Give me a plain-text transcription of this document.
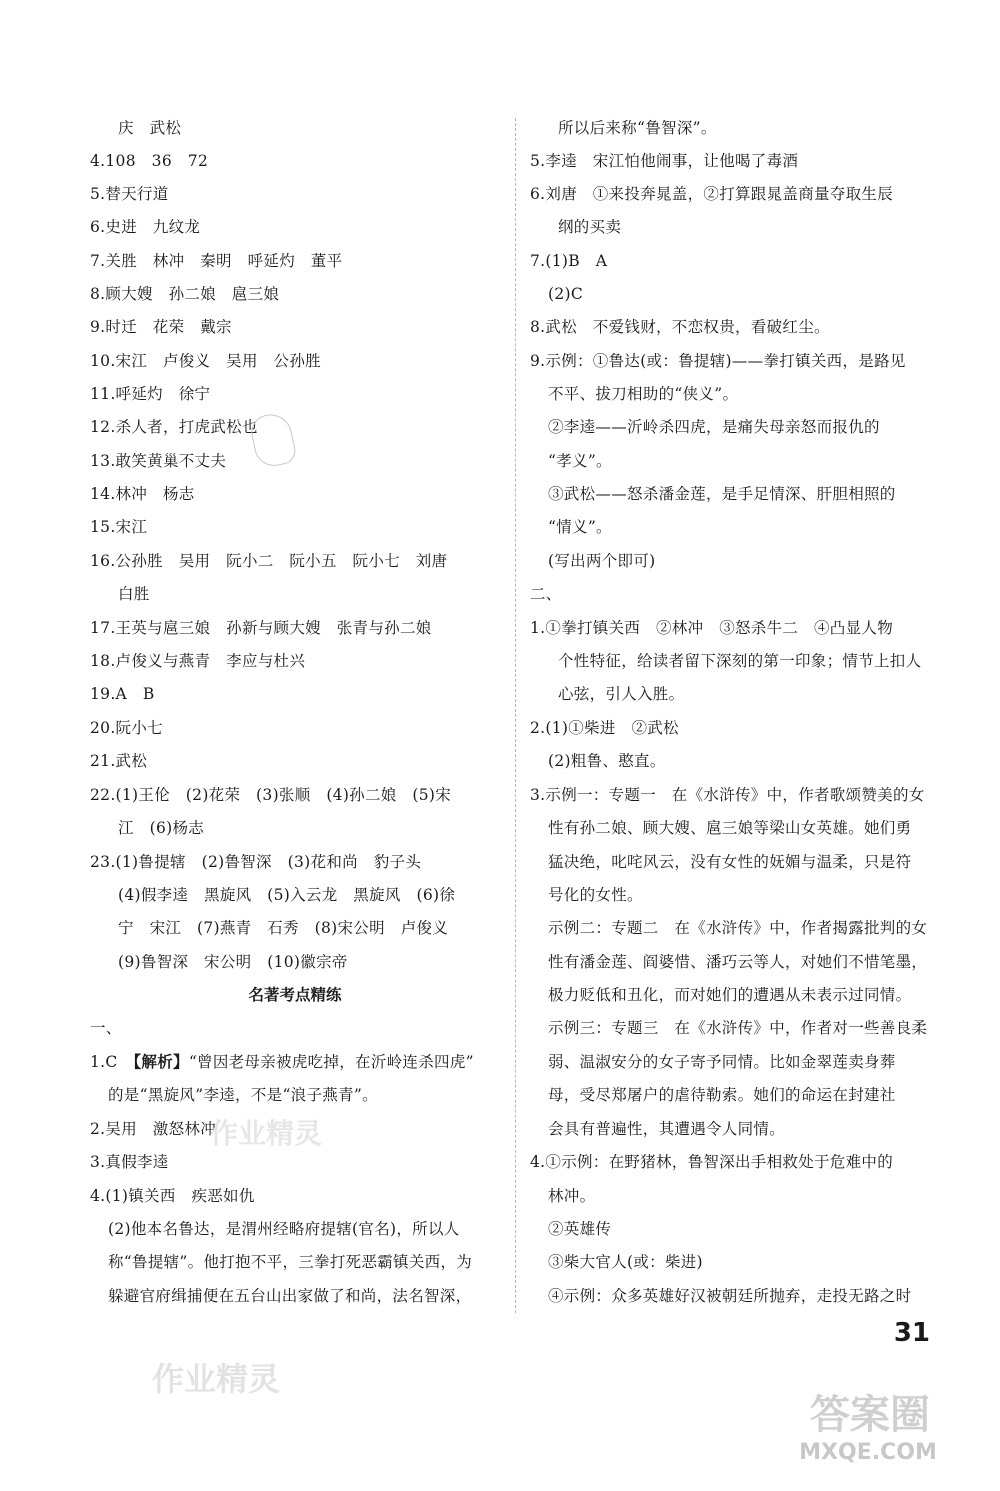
庆　武松
4.108　36　72
5.替天行道
6.史进　九纹龙
7.关胜　林冲　秦明　呼延灼　董平
8.顾大嫂　孙二娘　扈三娘
9.时迁　花荣　戴宗
10.宋江　卢俊义　吴用　公孙胜
11.呼延灼　徐宁
12.杀人者，打虎武松也
13.敢笑黄巢不丈夫
14.林冲　杨志
15.宋江
16.公孙胜　吴用　阮小二　阮小五　阮小七　刘唐
白胜
17.王英与扈三娘　孙新与顾大嫂　张青与孙二娘
18.卢俊义与燕青　李应与杜兴
19.A　B
20.阮小七
21.武松
22.(1)王伦　(2)花荣　(3)张顺　(4)孙二娘　(5)宋
江　(6)杨志
23.(1)鲁提辖　(2)鲁智深　(3)花和尚　豹子头
(4)假李逵　黑旋风　(5)入云龙　黑旋风　(6)徐
宁　宋江　(7)燕青　石秀　(8)宋公明　卢俊义
(9)鲁智深　宋公明　(10)徽宗帝
名著考点精练
一、
1.C　【解析】“曾因老母亲被虎吃掉，在沂岭连杀四虎”
的是“黑旋风”李逵，不是“浪子燕青”。
2.吴用　激怒林冲
3.真假李逵
4.(1)镇关西　疾恶如仇
(2)他本名鲁达，是渭州经略府提辖(官名)，所以人
称“鲁提辖”。他打抱不平，三拳打死恶霸镇关西，为
躲避官府缉捕便在五台山出家做了和尚，法名智深，
所以后来称“鲁智深”。
5.李逵　宋江怕他闹事，让他喝了毒酒
6.刘唐　①来投奔晁盖，②打算跟晁盖商量夺取生辰
纲的买卖
7.(1)B　A
(2)C
8.武松　不爱钱财，不恋权贵，看破红尘。
9.示例：①鲁达(或：鲁提辖)——拳打镇关西，是路见
不平、拔刀相助的“侠义”。
②李逵——沂岭杀四虎，是痛失母亲怒而报仇的
“孝义”。
③武松——怒杀潘金莲，是手足情深、肝胆相照的
“情义”。
(写出两个即可)
二、
1.①拳打镇关西　②林冲　③怒杀牛二　④凸显人物
个性特征，给读者留下深刻的第一印象；情节上扣人
心弦，引人入胜。
2.(1)①柴进　②武松
(2)粗鲁、憨直。
3.示例一：专题一　在《水浒传》中，作者歌颂赞美的女
性有孙二娘、顾大嫂、扈三娘等梁山女英雄。她们勇
猛决绝，叱咤风云，没有女性的妩媚与温柔，只是符
号化的女性。
示例二：专题二　在《水浒传》中，作者揭露批判的女
性有潘金莲、阎婆惜、潘巧云等人，对她们不惜笔墨，
极力贬低和丑化，而对她们的遭遇从未表示过同情。
示例三：专题三　在《水浒传》中，作者对一些善良柔
弱、温淑安分的女子寄予同情。比如金翠莲卖身葬
母，受尽郑屠户的虐待勒索。她们的命运在封建社
会具有普遍性，其遭遇令人同情。
4.①示例：在野猪林，鲁智深出手相救处于危难中的
林冲。
②英雄传
③柴大官人(或：柴进)
④示例：众多英雄好汉被朝廷所抛弃，走投无路之时
31
作业精灵
作业精灵
答案圈
MXQE.COM
